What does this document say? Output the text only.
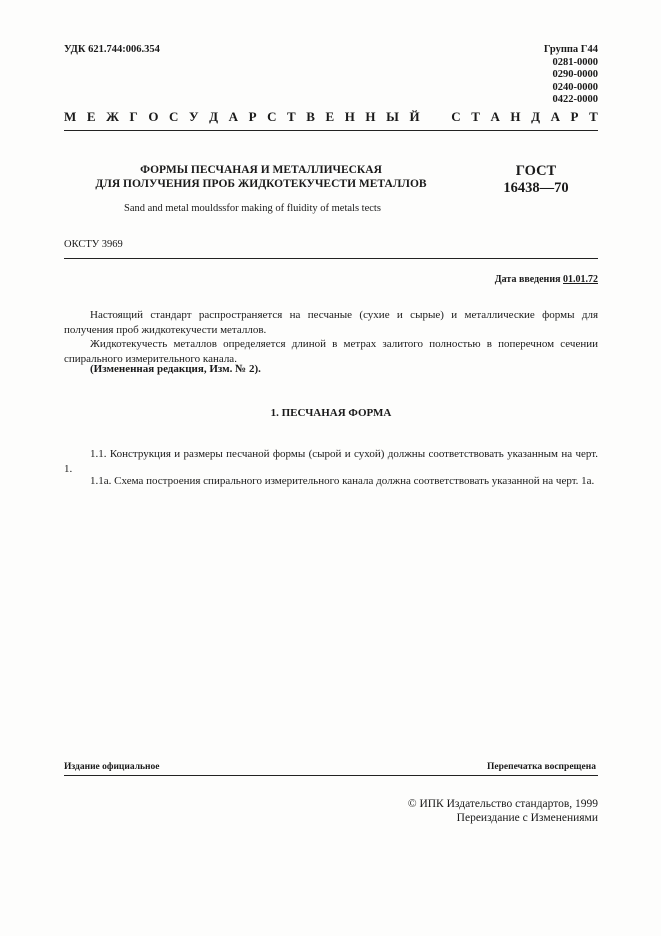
УДК 621.744:006.354	Группа Г44
0281-0000
0290-0000
0240-0000
0422-0000
М Е Ж Г О С У Д А Р С Т В Е Н Н Ы Й С Т А Н Д А Р Т
ФОРМЫ ПЕСЧАНАЯ И МЕТАЛЛИЧЕСКАЯ
ДЛЯ ПОЛУЧЕНИЯ ПРОБ ЖИДКОТЕКУЧЕСТИ МЕТАЛЛОВ
ГОСТ
16438—70
Sand and metal mouldssfor making of fluidity of metals tects
ОКСТУ 3969
Дата введения 01.01.72
Настоящий стандарт распространяется на песчаные (сухие и сырые) и металлические формы для получения проб жидкотекучести металлов.
Жидкотекучесть металлов определяется длиной в метрах залитого полностью в поперечном сечении спирального измерительного канала.
(Измененная редакция, Изм. № 2).
1. ПЕСЧАНАЯ ФОРМА
1.1. Конструкция и размеры песчаной формы (сырой и сухой) должны соответствовать указанным на черт. 1.
1.1а. Схема построения спирального измерительного канала должна соответствовать указанной на черт. 1а.
Издание официальное	Перепечатка воспрещена
© ИПК Издательство стандартов, 1999
Переиздание с Изменениями
